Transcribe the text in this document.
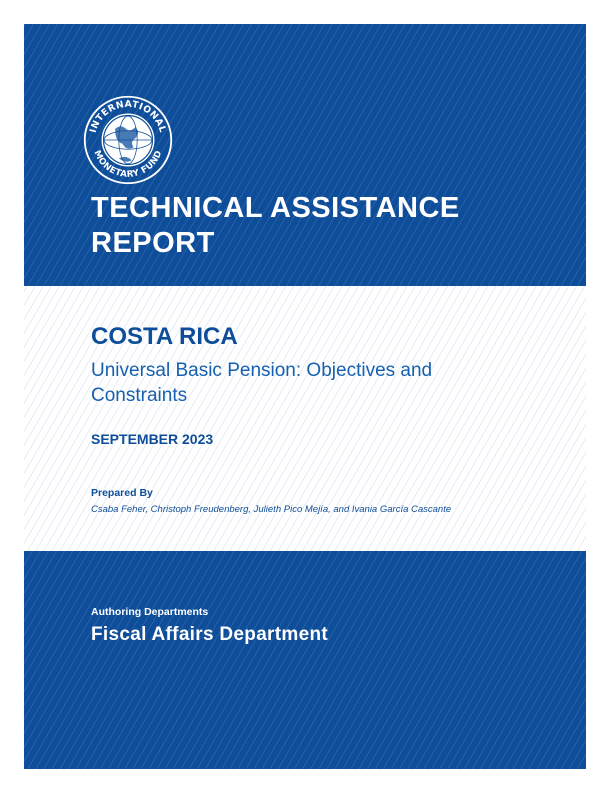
INTERNATIONAL
MONETARY FUND
TECHNICAL ASSISTANCE
REPORT
COSTA RICA

Universal Basic Pension: Objectives and
Constraints

SEPTEMBER 2023

Prepared By

Csaba Feher, Christoph Freudenberg, Julieth Pico Mejía, and Ivania García Cascante

Authoring Departments

Fiscal Affairs Department
